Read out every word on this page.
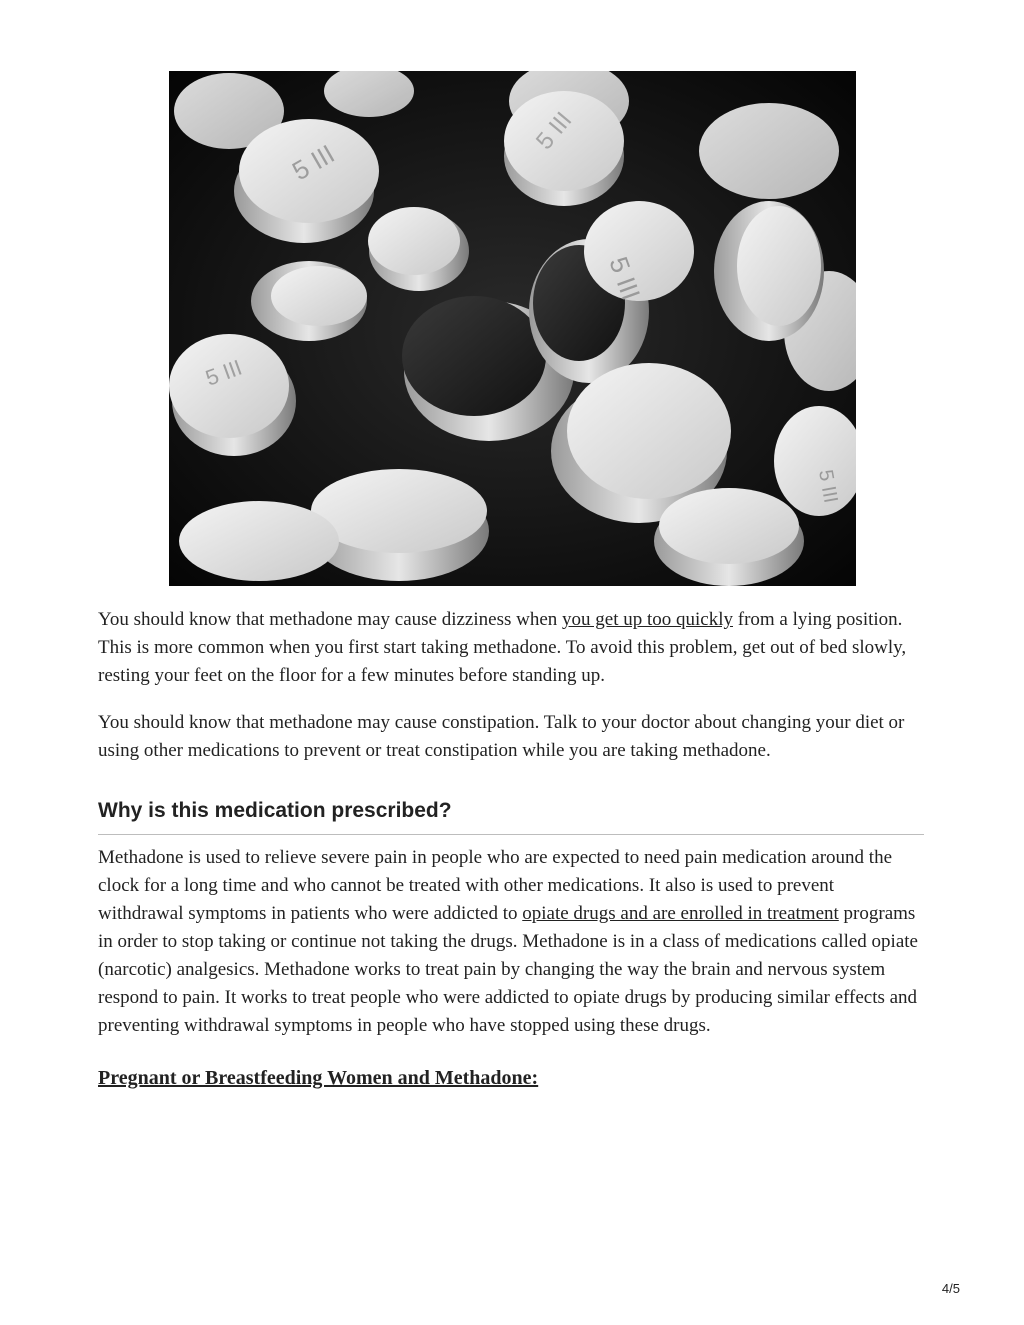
5 III
5 III
5 III
5 III
5 III

You should know that methadone may cause dizziness when you get up too quickly from a lying position. This is more common when you first start taking methadone. To avoid this problem, get out of bed slowly, resting your feet on the floor for a few minutes before standing up.

You should know that methadone may cause constipation. Talk to your doctor about changing your diet or using other medications to prevent or treat constipation while you are taking methadone.

Why is this medication prescribed?

Methadone is used to relieve severe pain in people who are expected to need pain medication around the clock for a long time and who cannot be treated with other medications. It also is used to prevent withdrawal symptoms in patients who were addicted to opiate drugs and are enrolled in treatment programs in order to stop taking or continue not taking the drugs. Methadone is in a class of medications called opiate (narcotic) analgesics. Methadone works to treat pain by changing the way the brain and nervous system respond to pain. It works to treat people who were addicted to opiate drugs by producing similar effects and preventing withdrawal symptoms in people who have stopped using these drugs.

Pregnant or Breastfeeding Women and Methadone:
4/5
